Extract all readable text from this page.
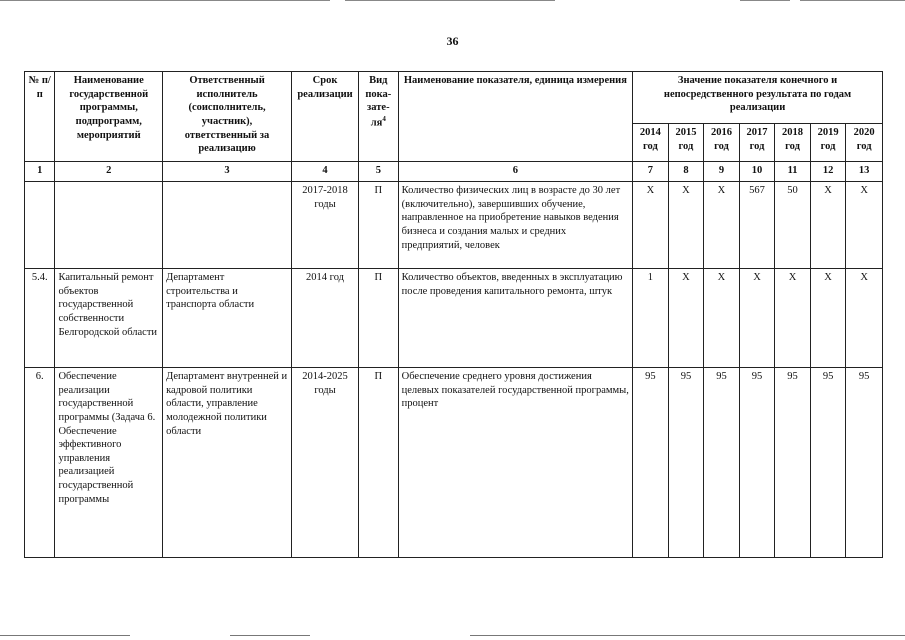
36
№ п/п	Наименование государственной программы, подпрограмм, мероприятий	Ответственный исполнитель (соисполнитель, участник), ответственный за реализацию	Срок реализации	Вид пока-$зате-ля^4$	Наименование показателя, единица измерения	Значение показателя конечного и непосредственного результата по годам реализации						
						2014 год	2015 год	2016 год	2017 год	2018 год	2019 год	2020 год
1	2	3	4	5	6	7	8	9	10	11	12	13
			2017-2018 годы	П	Количество физических лиц в возрасте до 30 лет (включительно), завершивших обучение, направленное на приобретение навыков ведения бизнеса и создания малых и средних предприятий, человек	X	X	X	567	50	X	X
5.4.	Капитальный ремонт объектов государственной собственности Белгородской области	Департамент строительства и транспорта области	2014 год	П	Количество объектов, введенных в эксплуатацию после проведения капитального ремонта, штук	1	X	X	X	X	X	X
6.	Обеспечение реализации государственной программы (Задача 6. Обеспечение эффективного управления реализацией государственной программы	Департамент внутренней и кадровой политики области, управление молодежной политики области	2014-2025 годы	П	Обеспечение среднего уровня достижения целевых показателей государственной программы, процент	95	95	95	95	95	95	95
